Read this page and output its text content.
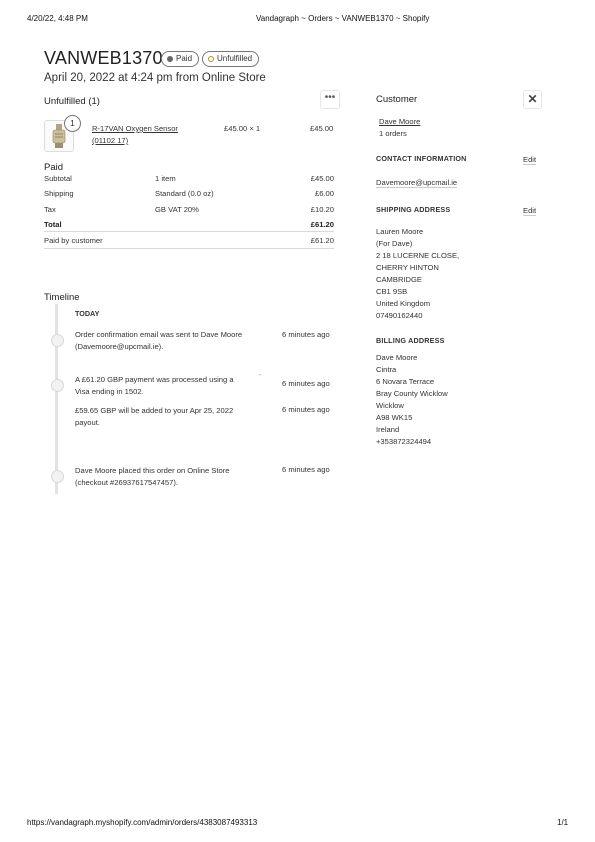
4/20/22, 4:48 PM	Vandagraph ~ Orders ~ VANWEB1370 ~ Shopify
VANWEB1370	Paid	Unfulfilled
April 20, 2022 at 4:24 pm from Online Store
Unfulfilled (1)	•••
1
R-17VAN Oxygen Sensor
(01102 17)
£45.00 × 1	£45.00
Paid
Subtotal	1 item	£45.00
Shipping	Standard (0.0 oz)	£6.00
Tax	GB VAT 20%	£10.20
Total	£61.20
Paid by customer	£61.20
Timeline
TODAY
Order confirmation email was sent to Dave Moore
(Davemoore@upcmail.ie).
6 minutes ago
A £61.20 GBP payment was processed using a
Visa ending in 1502.
6 minutes ago
⌃
£59.65 GBP will be added to your Apr 25, 2022
payout.
6 minutes ago
Dave Moore placed this order on Online Store
(checkout #26937617547457).
6 minutes ago
Customer	✕
Dave Moore
1 orders
CONTACT INFORMATION	Edit
Davemoore@upcmail.ie
SHIPPING ADDRESS	Edit
Lauren Moore
(For Dave)
2 18 LUCERNE CLOSE,
CHERRY HINTON
CAMBRIDGE
CB1 9SB
United Kingdom
07490162440
BILLING ADDRESS
Dave Moore
Cintra
6 Novara Terrace
Bray County Wicklow
Wicklow
A98 WK15
Ireland
+353872324494
https://vandagraph.myshopify.com/admin/orders/4383087493313	1/1
